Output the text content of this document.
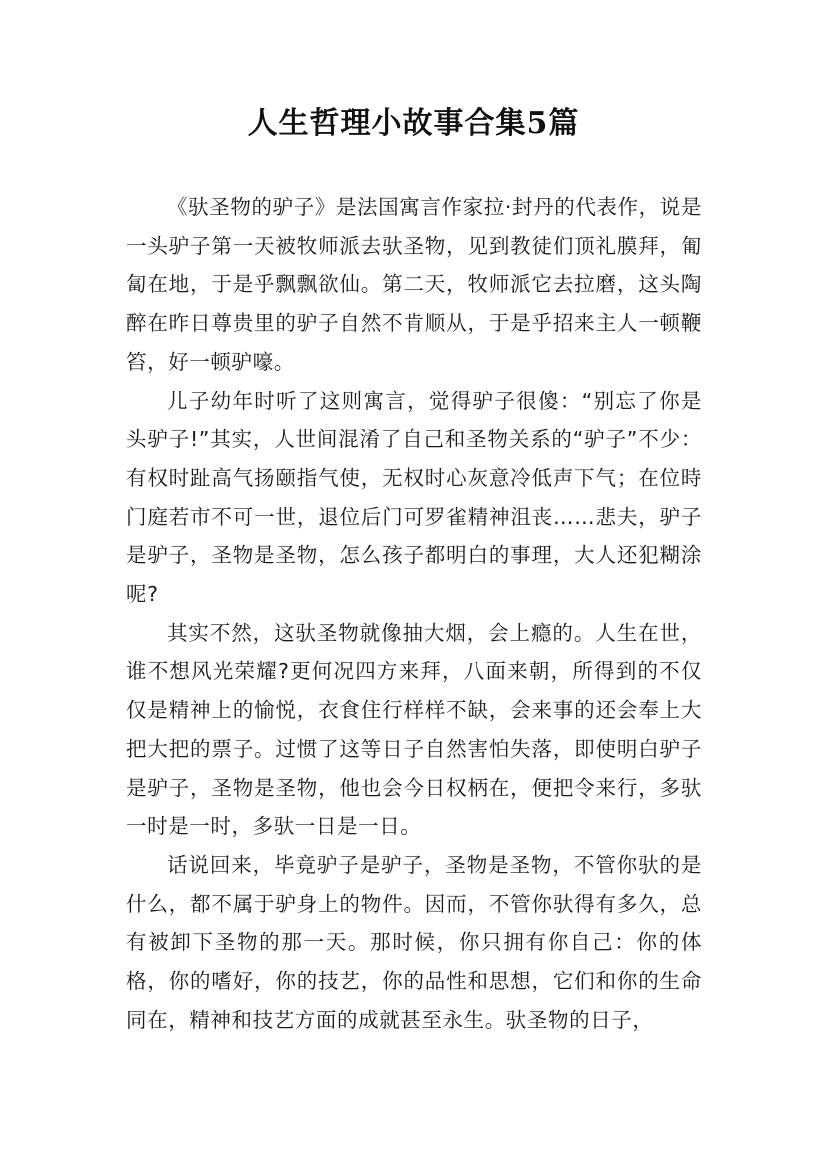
人生哲理小故事合集5篇

《驮圣物的驴子》是法国寓言作家拉·封丹的代表作，说是一头驴子第一天被牧师派去驮圣物，见到教徒们顶礼膜拜，匍匐在地，于是乎飘飘欲仙。第二天，牧师派它去拉磨，这头陶醉在昨日尊贵里的驴子自然不肯顺从，于是乎招来主人一顿鞭笞，好一顿驴嚎。

儿子幼年时听了这则寓言，觉得驴子很傻：“别忘了你是头驴子!”其实，人世间混淆了自己和圣物关系的“驴子”不少：有权时趾高气扬颐指气使，无权时心灰意冷低声下气；在位時门庭若市不可一世，退位后门可罗雀精神沮丧……悲夫，驴子是驴子，圣物是圣物，怎么孩子都明白的事理，大人还犯糊涂呢?

其实不然，这驮圣物就像抽大烟，会上瘾的。人生在世，谁不想风光荣耀?更何况四方来拜，八面来朝，所得到的不仅仅是精神上的愉悦，衣食住行样样不缺，会来事的还会奉上大把大把的票子。过惯了这等日子自然害怕失落，即使明白驴子是驴子，圣物是圣物，他也会今日权柄在，便把令来行，多驮一时是一时，多驮一日是一日。

话说回来，毕竟驴子是驴子，圣物是圣物，不管你驮的是什么，都不属于驴身上的物件。因而，不管你驮得有多久，总有被卸下圣物的那一天。那时候，你只拥有你自己：你的体格，你的嗜好，你的技艺，你的品性和思想，它们和你的生命同在，精神和技艺方面的成就甚至永生。驮圣物的日子，
